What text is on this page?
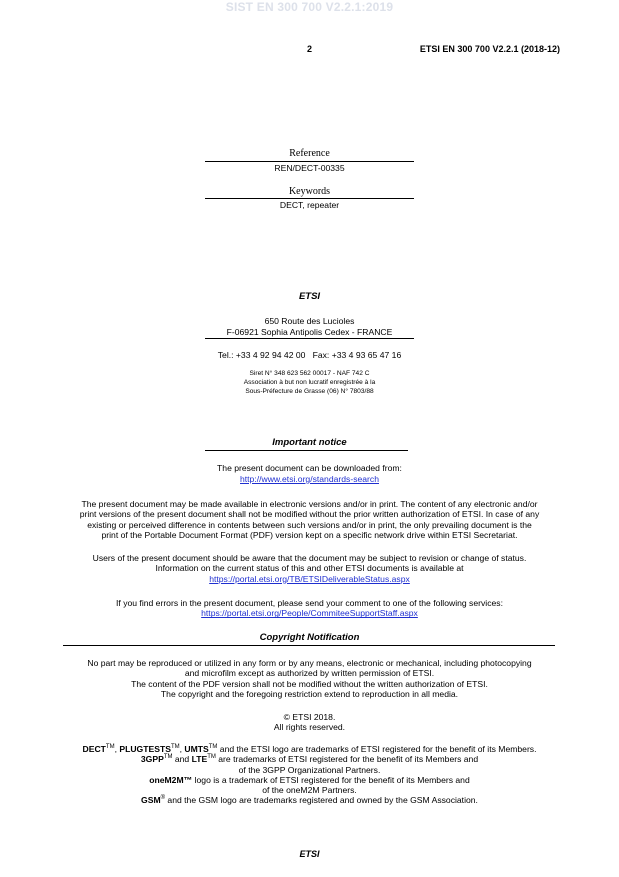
SIST EN 300 700 V2.2.1:2019
2	ETSI EN 300 700 V2.2.1 (2018-12)
Reference
REN/DECT-00335
Keywords
DECT, repeater
ETSI
650 Route des Lucioles
F-06921 Sophia Antipolis Cedex - FRANCE
Tel.: +33 4 92 94 42 00   Fax: +33 4 93 65 47 16
Siret N° 348 623 562 00017 - NAF 742 C
Association à but non lucratif enregistrée à la
Sous-Préfecture de Grasse (06) N° 7803/88
Important notice
The present document can be downloaded from:
http://www.etsi.org/standards-search
The present document may be made available in electronic versions and/or in print. The content of any electronic and/or
print versions of the present document shall not be modified without the prior written authorization of ETSI. In case of any
existing or perceived difference in contents between such versions and/or in print, the only prevailing document is the
print of the Portable Document Format (PDF) version kept on a specific network drive within ETSI Secretariat.
Users of the present document should be aware that the document may be subject to revision or change of status.
Information on the current status of this and other ETSI documents is available at
https://portal.etsi.org/TB/ETSIDeliverableStatus.aspx
If you find errors in the present document, please send your comment to one of the following services:
https://portal.etsi.org/People/CommiteeSupportStaff.aspx
Copyright Notification
No part may be reproduced or utilized in any form or by any means, electronic or mechanical, including photocopying
and microfilm except as authorized by written permission of ETSI.
The content of the PDF version shall not be modified without the written authorization of ETSI.
The copyright and the foregoing restriction extend to reproduction in all media.
© ETSI 2018.
All rights reserved.
DECT™, PLUGTESTS™, UMTS™ and the ETSI logo are trademarks of ETSI registered for the benefit of its Members.
3GPP™ and LTE™ are trademarks of ETSI registered for the benefit of its Members and
of the 3GPP Organizational Partners.
oneM2M™ logo is a trademark of ETSI registered for the benefit of its Members and
of the oneM2M Partners.
GSM® and the GSM logo are trademarks registered and owned by the GSM Association.
ETSI
